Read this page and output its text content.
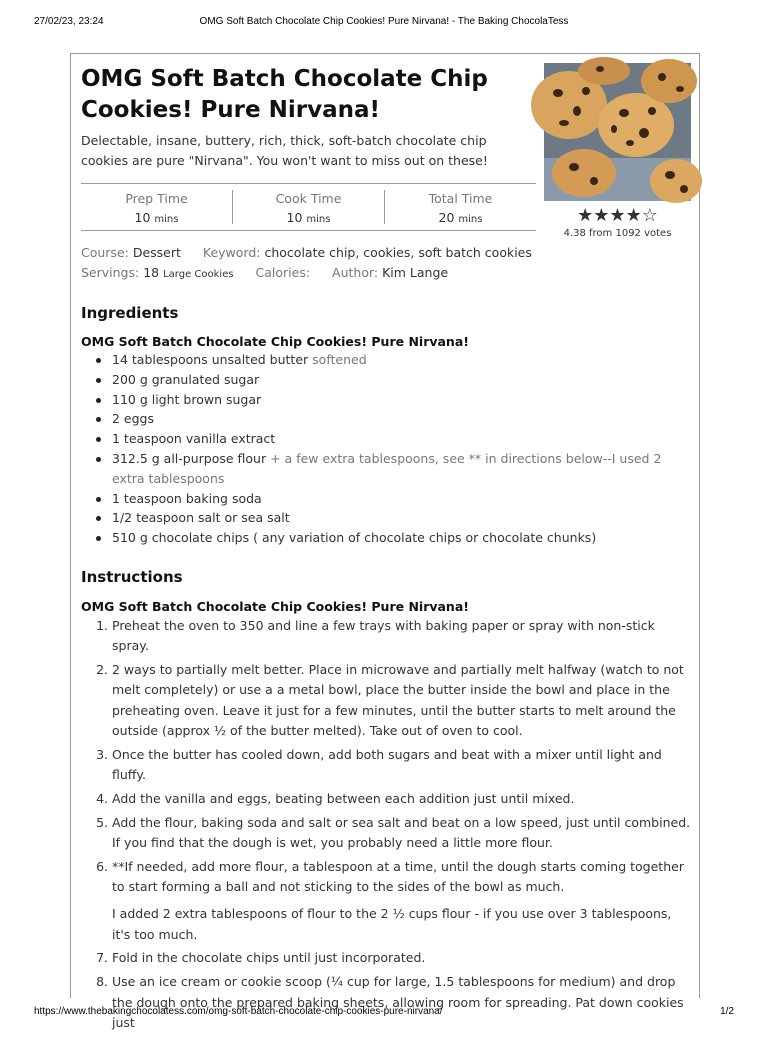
27/02/23, 23:24	OMG Soft Batch Chocolate Chip Cookies! Pure Nirvana! - The Baking ChocolaTess
OMG Soft Batch Chocolate Chip Cookies! Pure Nirvana!

Delectable, insane, buttery, rich, thick, soft-batch chocolate chip cookies are pure "Nirvana". You won't want to miss out on these!

★★★★☆
4.38 from 1092 votes
Prep Time
10 mins
Cook Time
10 mins
Total Time
20 mins
Course: Dessert Keyword: chocolate chip, cookies, soft batch cookies
Servings: 18 Large Cookies Calories: Author: Kim Lange
Ingredients
OMG Soft Batch Chocolate Chip Cookies! Pure Nirvana!
14 tablespoons unsalted butter softened
200 g granulated sugar
110 g light brown sugar
2 eggs
1 teaspoon vanilla extract
312.5 g all-purpose flour + a few extra tablespoons, see ** in directions below--I used 2 extra tablespoons
1 teaspoon baking soda
1/2 teaspoon salt or sea salt
510 g chocolate chips ( any variation of chocolate chips or chocolate chunks)
Instructions
OMG Soft Batch Chocolate Chip Cookies! Pure Nirvana!
1. Preheat the oven to 350 and line a few trays with baking paper or spray with non-stick spray.
2. 2 ways to partially melt better. Place in microwave and partially melt halfway (watch to not melt completely) or use a a metal bowl, place the butter inside the bowl and place in the preheating oven. Leave it just for a few minutes, until the butter starts to melt around the outside (approx ½ of the butter melted). Take out of oven to cool.
3. Once the butter has cooled down, add both sugars and beat with a mixer until light and fluffy.
4. Add the vanilla and eggs, beating between each addition just until mixed.
5. Add the flour, baking soda and salt or sea salt and beat on a low speed, just until combined. If you find that the dough is wet, you probably need a little more flour.
6. **If needed, add more flour, a tablespoon at a time, until the dough starts coming together to start forming a ball and not sticking to the sides of the bowl as much.
I added 2 extra tablespoons of flour to the 2 ½ cups flour - if you use over 3 tablespoons, it's too much.
7. Fold in the chocolate chips until just incorporated.
8. Use an ice cream or cookie scoop (¼ cup for large, 1.5 tablespoons for medium) and drop the dough onto the prepared baking sheets, allowing room for spreading. Pat down cookies just
https://www.thebakingchocolatess.com/omg-soft-batch-chocolate-chip-cookies-pure-nirvana/	1/2
